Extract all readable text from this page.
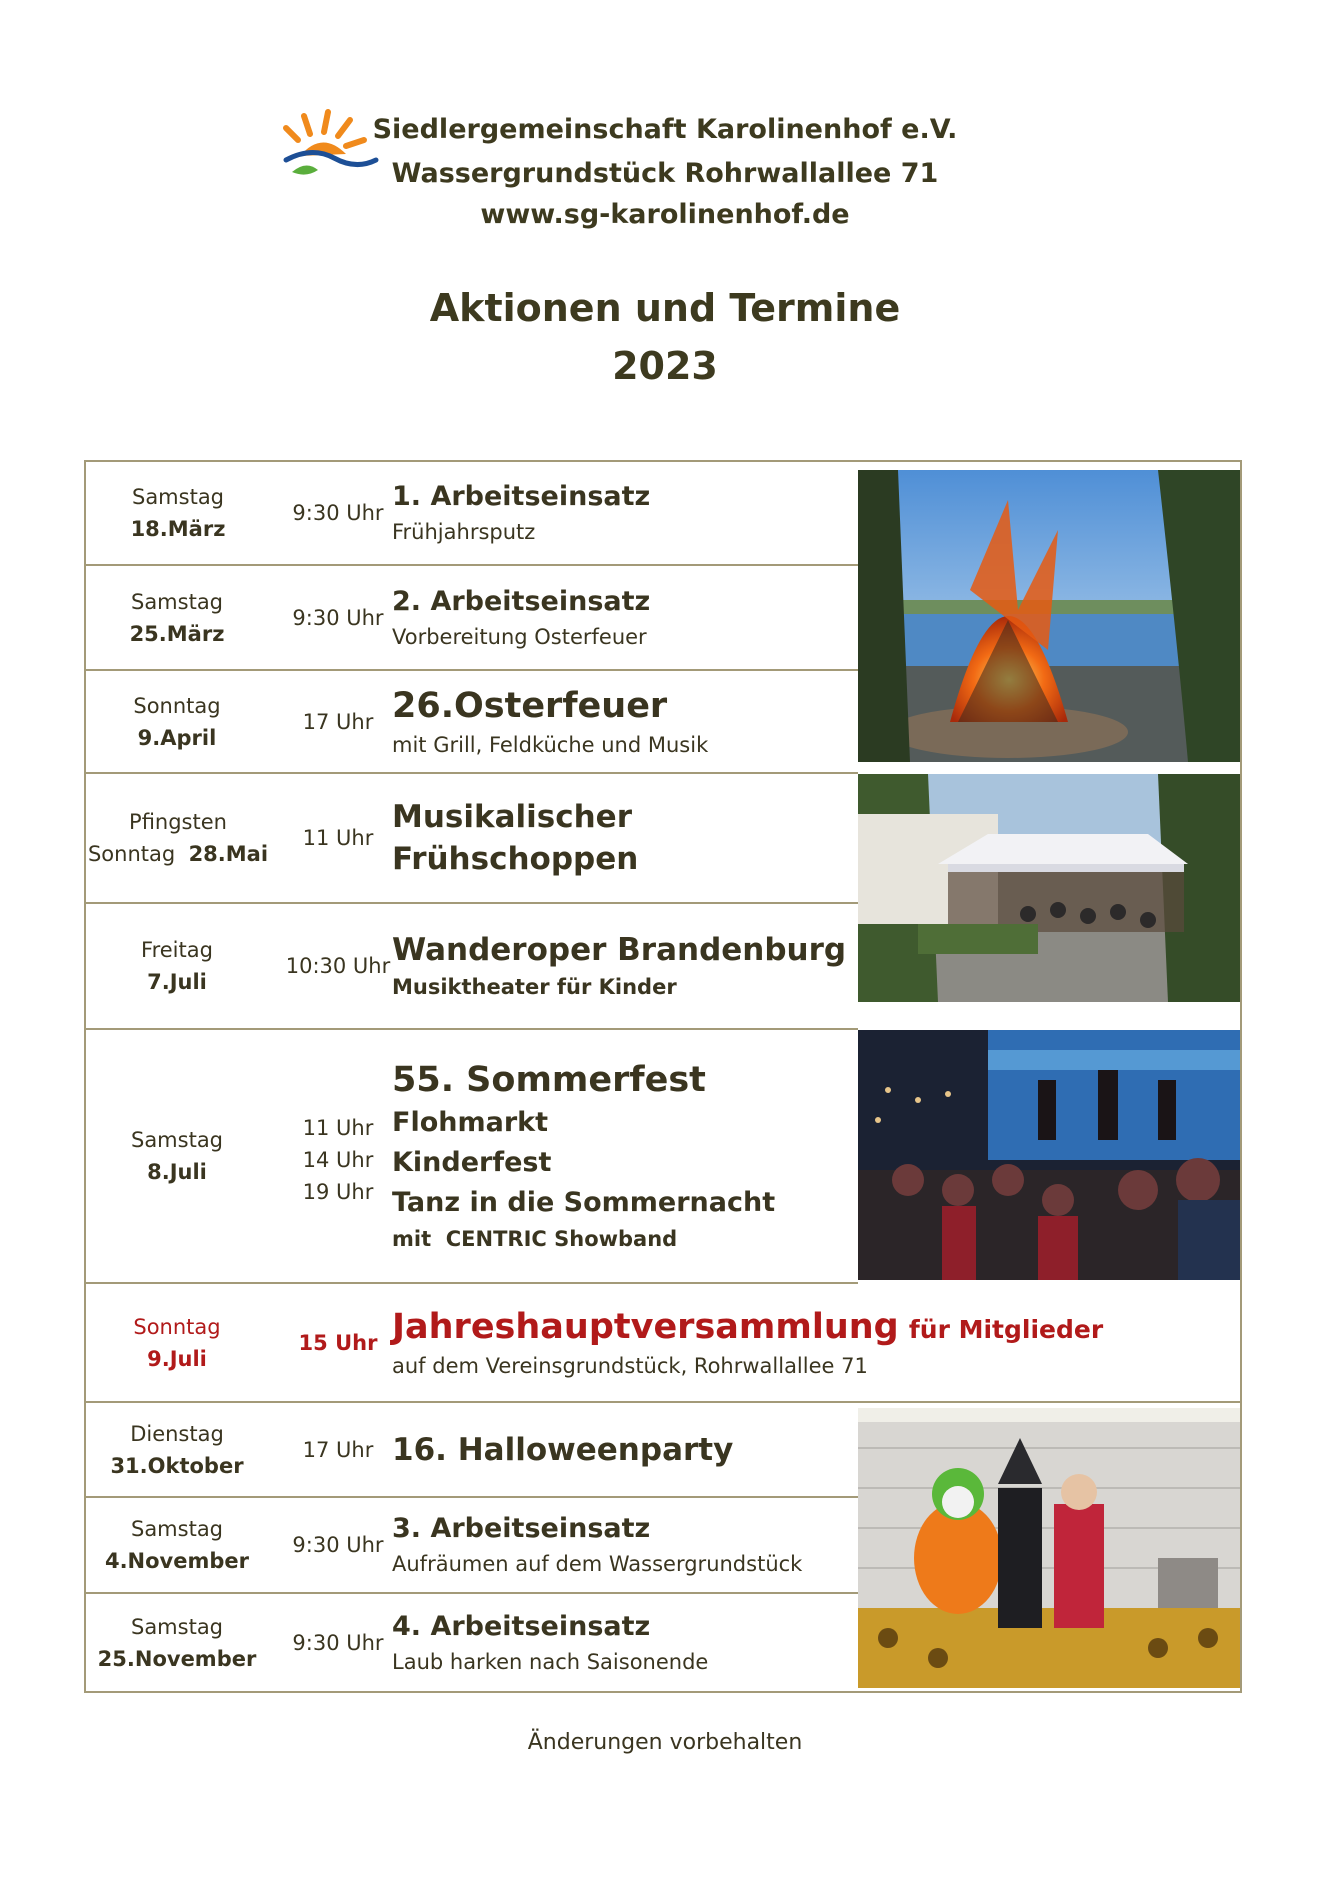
Siedlergemeinschaft Karolinenhof e.V.
Wassergrundstück Rohrwallallee 71
www.sg-karolinenhof.de
Aktionen und Termine
2023
Samstag 18.März
9:30 Uhr
1. Arbeitseinsatz
Frühjahrsputz
Samstag
25.März
9:30 Uhr
2. Arbeitseinsatz
Vorbereitung Osterfeuer
Sonntag
9.April
17 Uhr 26.Osterfeuer
mit Grill, Feldküche und Musik
Pfingsten
Sonntag 28.Mai
11 Uhr
Musikalischer Frühschoppen
Freitag
7.Juli
10:30 Uhr Wanderoper Brandenburg
Musiktheater für Kinder
Samstag
8.Juli
11 Uhr
14 Uhr
19 Uhr
55. Sommerfest
Flohmarkt
Kinderfest
Tanz in die Sommernacht
mit CENTRIC Showband
Sonntag
9.Juli
15 Uhr Jahreshauptversammlung für Mitglieder
auf dem Vereinsgrundstück, Rohrwallallee 71
Dienstag
31.Oktober
17 Uhr 16. Halloweenparty
Samstag
4.November
9:30 Uhr
3. Arbeitseinsatz
Aufräumen auf dem Wassergrundstück
Samstag
25.November
9:30 Uhr
4. Arbeitseinsatz
Laub harken nach Saisonende
Änderungen vorbehalten
